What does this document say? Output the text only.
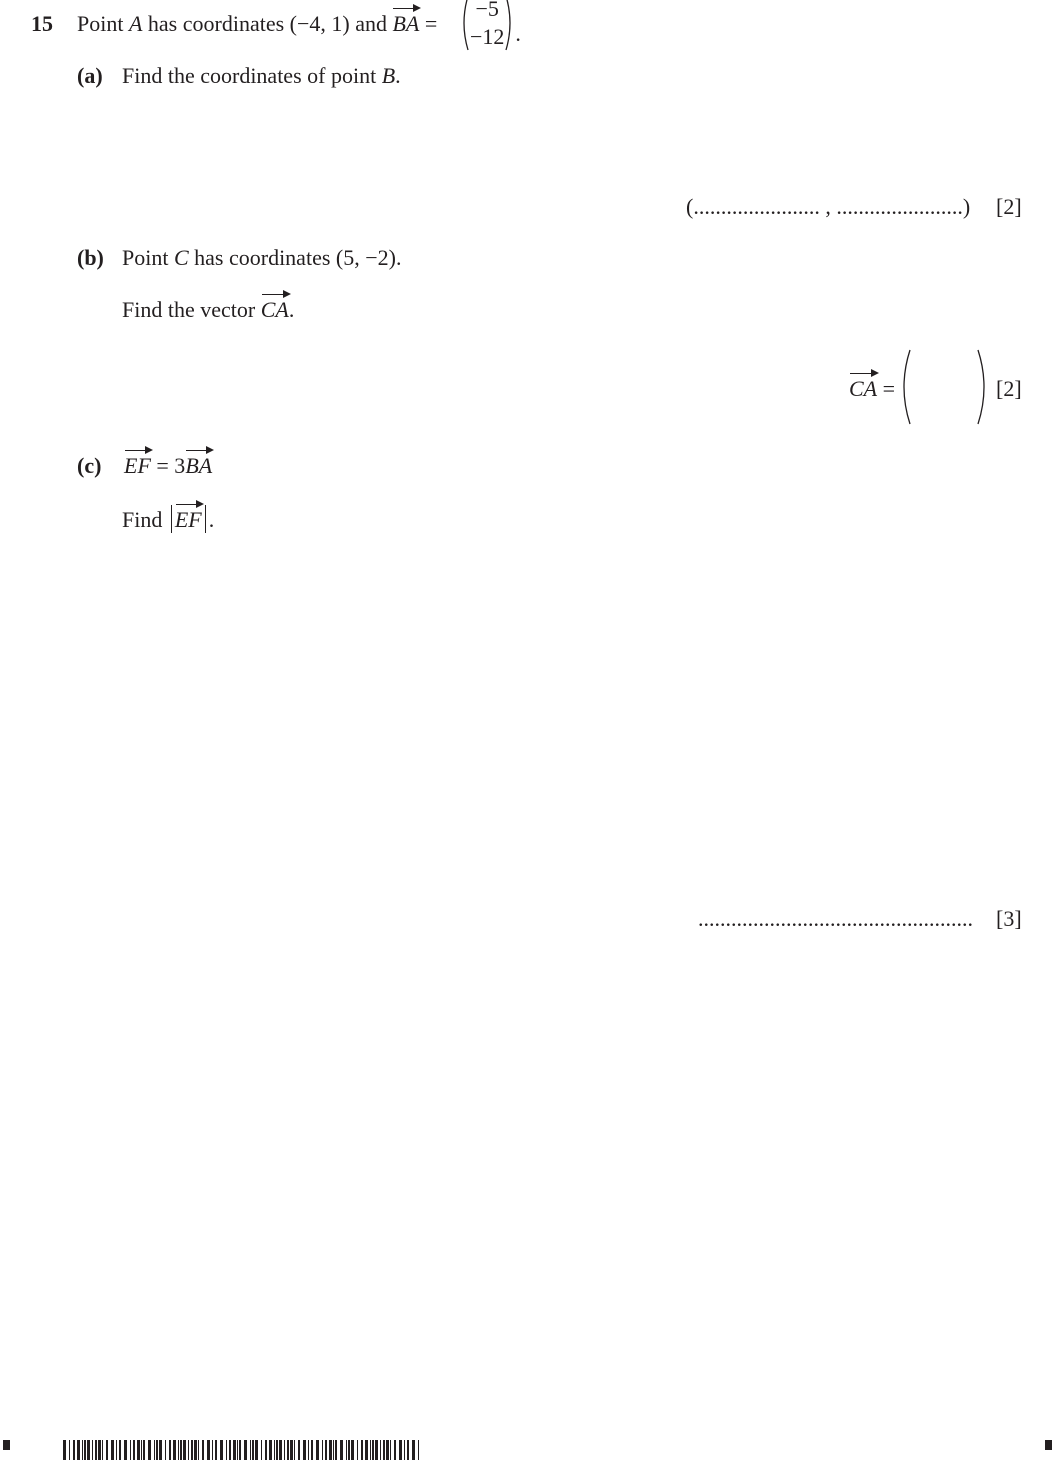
15 Point A has coordinates (−4, 1) and BA =
−5
−12 .
(a) Find the coordinates of point B.
(....................... , .......................) [2]
(b) Point C has coordinates (5, −2).
Find the vector CA.
CA =	[2]
(c) EF = 3BA
Find EF .
.................................................. [3]
